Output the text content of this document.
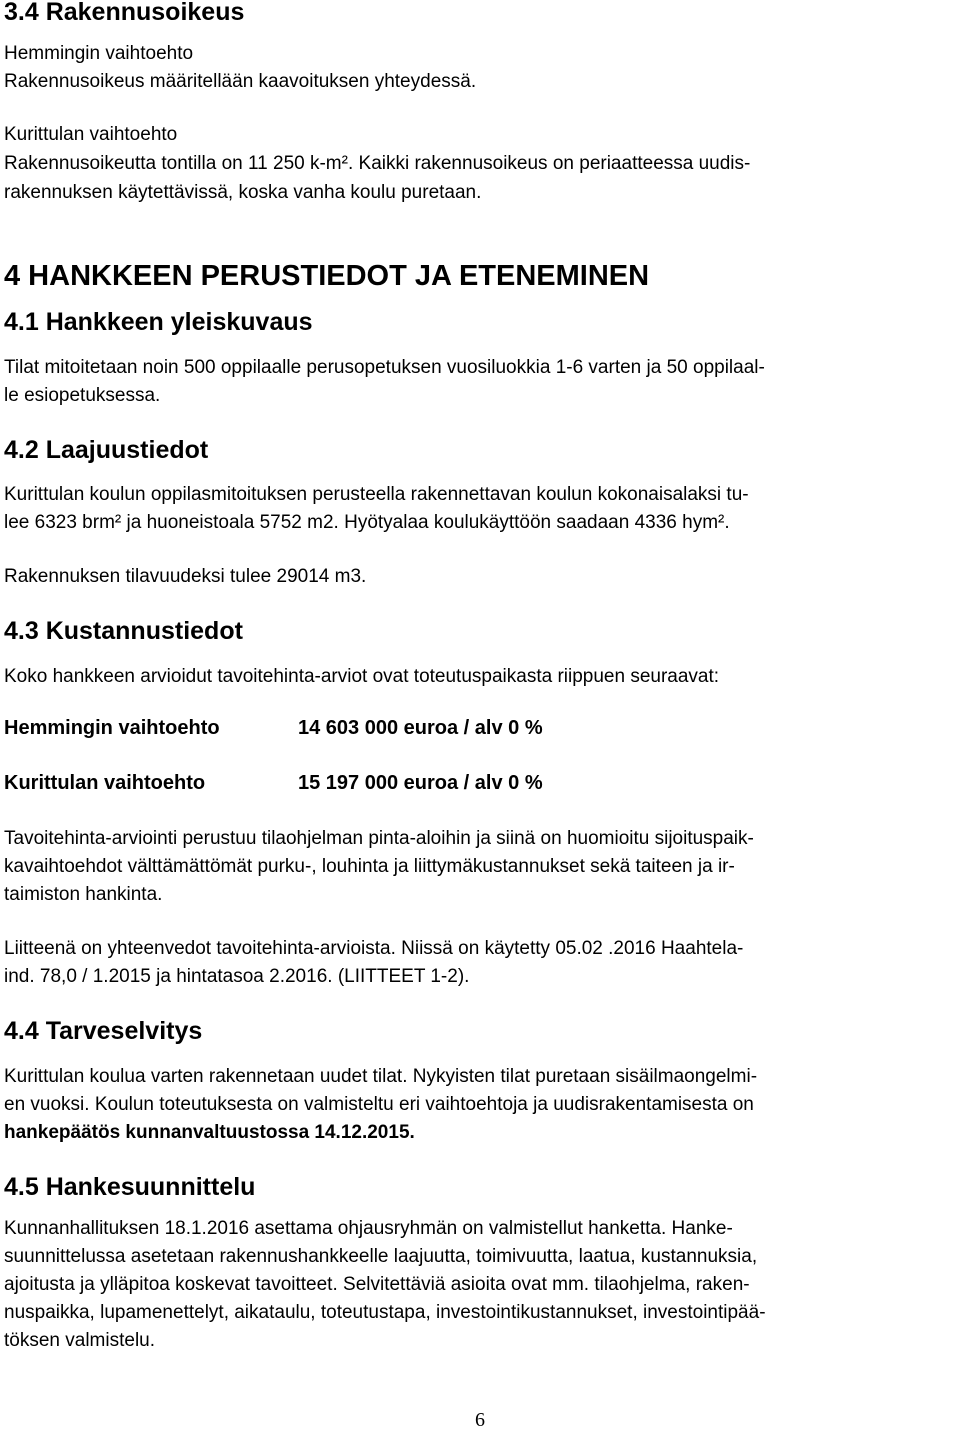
3.4 Rakennusoikeus
Hemmingin vaihtoehto
Rakennusoikeus määritellään kaavoituksen yhteydessä.
Kurittulan vaihtoehto
Rakennusoikeutta tontilla on 11 250 k-m². Kaikki rakennusoikeus on periaatteessa uudis-
rakennuksen käytettävissä, koska vanha koulu puretaan.
4 HANKKEEN PERUSTIEDOT JA ETENEMINEN
4.1 Hankkeen yleiskuvaus
Tilat mitoitetaan noin 500 oppilaalle perusopetuksen vuosiluokkia 1-6 varten ja 50 oppilaal-
le esiopetuksessa.
4.2 Laajuustiedot
Kurittulan koulun oppilasmitoituksen perusteella rakennettavan koulun kokonaisalaksi tu-
lee 6323 brm² ja huoneistoala 5752 m2. Hyötyalaa koulukäyttöön saadaan 4336 hym².
Rakennuksen tilavuudeksi tulee 29014 m3.
4.3 Kustannustiedot
Koko hankkeen arvioidut tavoitehinta-arviot ovat toteutuspaikasta riippuen seuraavat:
Hemmingin vaihtoehto	14 603 000 euroa / alv 0 %
Kurittulan vaihtoehto	15 197 000 euroa / alv 0 %
Tavoitehinta-arviointi perustuu tilaohjelman pinta-aloihin ja siinä on huomioitu sijoituspaik-
kavaihtoehdot välttämättömät purku-, louhinta ja liittymäkustannukset sekä taiteen ja ir-
taimiston hankinta.
Liitteenä on yhteenvedot tavoitehinta-arvioista. Niissä on käytetty 05.02 .2016 Haahtela-
ind. 78,0 / 1.2015 ja hintatasoa 2.2016. (LIITTEET 1-2).
4.4 Tarveselvitys
Kurittulan koulua varten rakennetaan uudet tilat. Nykyisten tilat puretaan sisäilmaongelmi-
en vuoksi. Koulun toteutuksesta on valmisteltu eri vaihtoehtoja ja uudisrakentamisesta on
hankepäätös kunnanvaltuustossa 14.12.2015.
4.5 Hankesuunnittelu
Kunnanhallituksen 18.1.2016 asettama ohjausryhmän on valmistellut hanketta. Hanke-
suunnittelussa asetetaan rakennushankkeelle laajuutta, toimivuutta, laatua, kustannuksia,
ajoitusta ja ylläpitoa koskevat tavoitteet. Selvitettäviä asioita ovat mm. tilaohjelma, raken-
nuspaikka, lupamenettelyt, aikataulu, toteutustapa, investointikustannukset, investointipää-
töksen valmistelu.
6
